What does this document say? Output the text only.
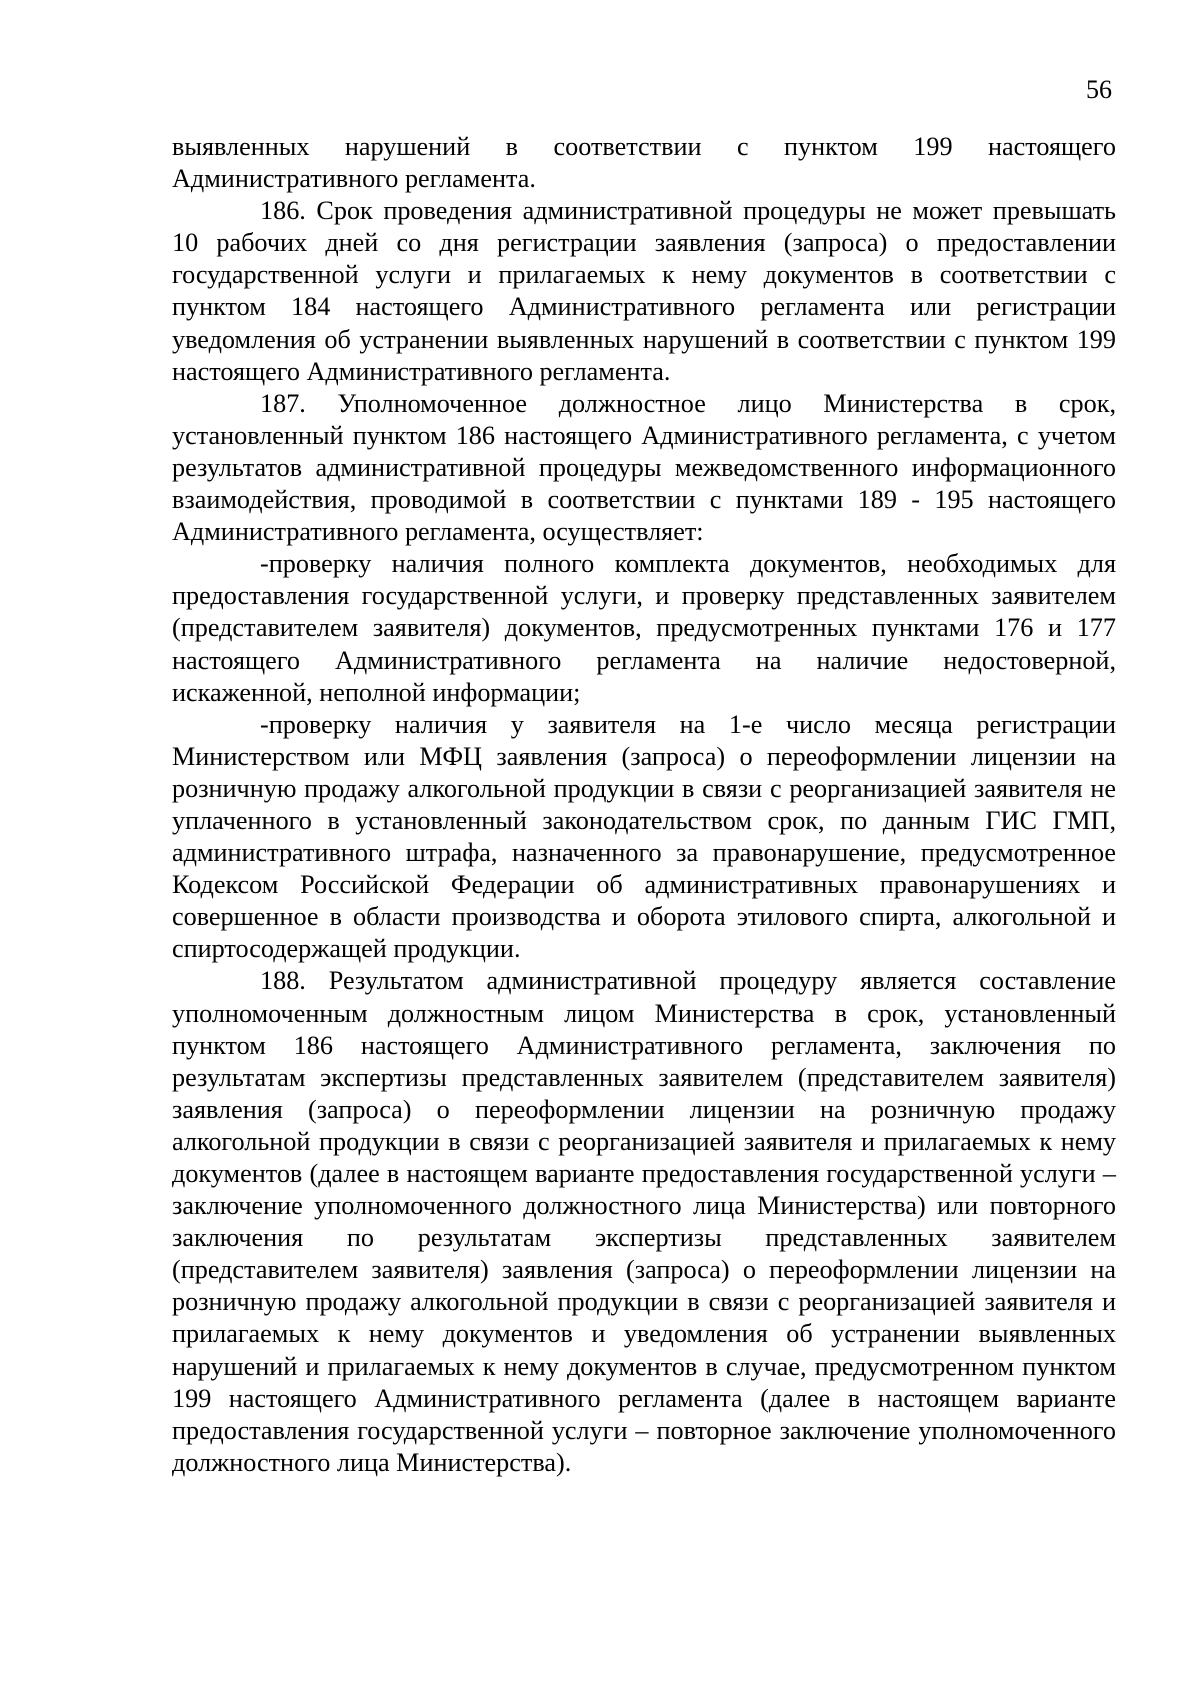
56

выявленных нарушений в соответствии с пунктом 199 настоящего Административного регламента.

186. Срок проведения административной процедуры не может превышать 10 рабочих дней со дня регистрации заявления (запроса) о предоставлении государственной услуги и прилагаемых к нему документов в соответствии с пунктом 184 настоящего Административного регламента или регистрации уведомления об устранении выявленных нарушений в соответствии с пунктом 199 настоящего Административного регламента.

187. Уполномоченное должностное лицо Министерства в срок, установленный пунктом 186 настоящего Административного регламента, с учетом результатов административной процедуры межведомственного информационного взаимодействия, проводимой в соответствии с пунктами 189 - 195 настоящего Административного регламента, осуществляет:

-проверку наличия полного комплекта документов, необходимых для предоставления государственной услуги, и проверку представленных заявителем (представителем заявителя) документов, предусмотренных пунктами 176 и 177 настоящего Административного регламента на наличие недостоверной, искаженной, неполной информации;

-проверку наличия у заявителя на 1-е число месяца регистрации Министерством или МФЦ заявления (запроса) о переоформлении лицензии на розничную продажу алкогольной продукции в связи с реорганизацией заявителя не уплаченного в установленный законодательством срок, по данным ГИС ГМП, административного штрафа, назначенного за правонарушение, предусмотренное Кодексом Российской Федерации об административных правонарушениях и совершенное в области производства и оборота этилового спирта, алкогольной и спиртосодержащей продукции.

188. Результатом административной процедуру является составление уполномоченным должностным лицом Министерства в срок, установленный пунктом 186 настоящего Административного регламента, заключения по результатам экспертизы представленных заявителем (представителем заявителя) заявления (запроса) о переоформлении лицензии на розничную продажу алкогольной продукции в связи с реорганизацией заявителя и прилагаемых к нему документов (далее в настоящем варианте предоставления государственной услуги – заключение уполномоченного должностного лица Министерства) или повторного заключения по результатам экспертизы представленных заявителем (представителем заявителя) заявления (запроса) о переоформлении лицензии на розничную продажу алкогольной продукции в связи с реорганизацией заявителя и прилагаемых к нему документов и уведомления об устранении выявленных нарушений и прилагаемых к нему документов в случае, предусмотренном пунктом 199 настоящего Административного регламента (далее в настоящем варианте предоставления государственной услуги – повторное заключение уполномоченного должностного лица Министерства).
